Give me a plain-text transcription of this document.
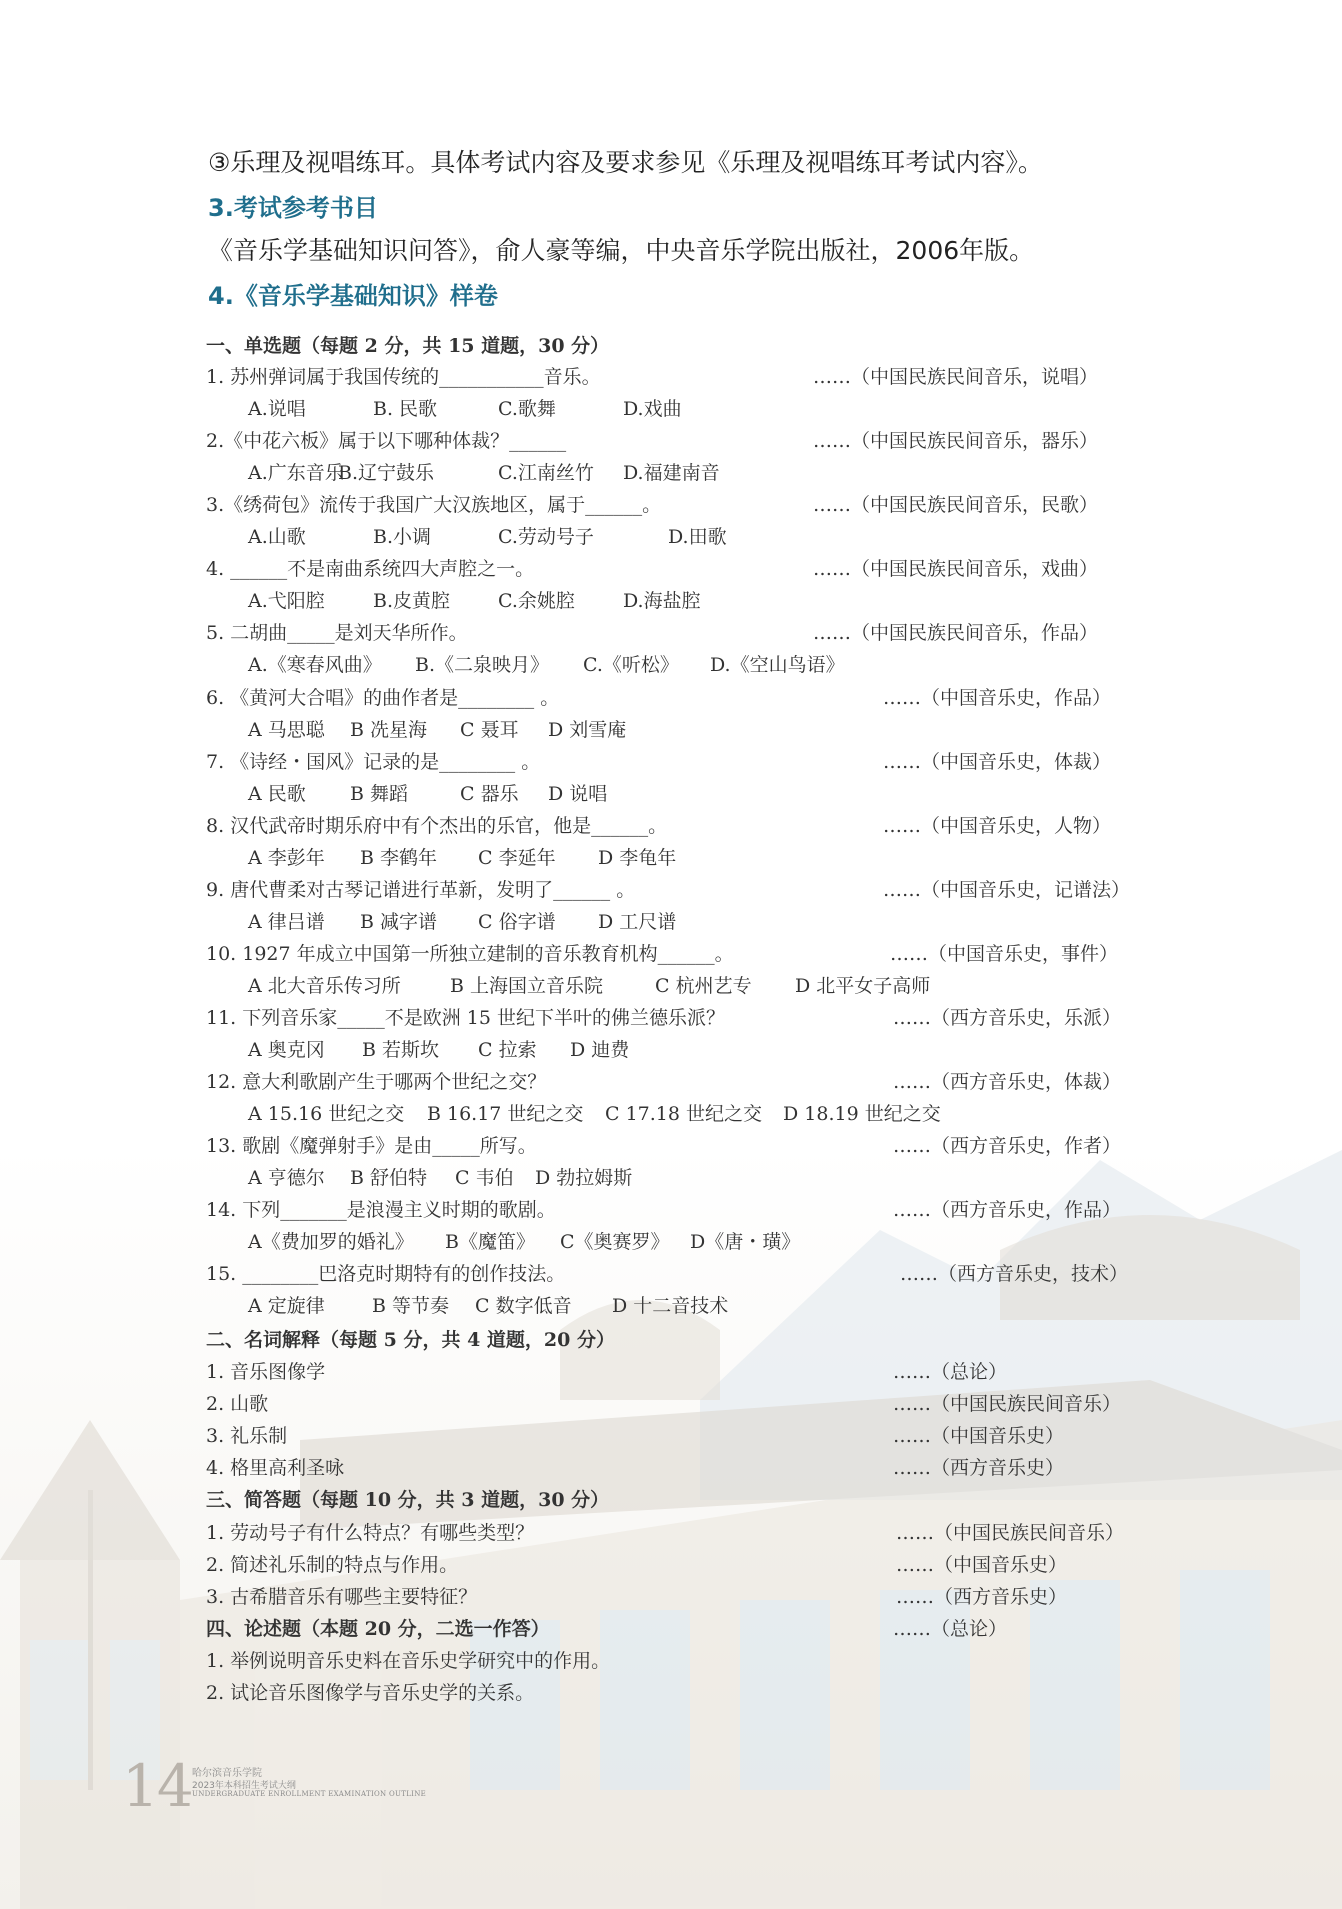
③乐理及视唱练耳。具体考试内容及要求参见《乐理及视唱练耳考试内容》。
3.考试参考书目
《音乐学基础知识问答》，俞人豪等编，中央音乐学院出版社，2006年版。
4.《音乐学基础知识》样卷
一、单选题（每题 2 分，共 15 道题，30 分）
1. 苏州弹词属于我国传统的___________音乐。	……（中国民族民间音乐，说唱）
A.说唱	B. 民歌	C.歌舞	D.戏曲
2.《中花六板》属于以下哪种体裁？______	……（中国民族民间音乐，器乐）
A.广东音乐
B.辽宁鼓乐	C.江南丝竹 D.福建南音
3.《绣荷包》流传于我国广大汉族地区，属于______。	……（中国民族民间音乐，民歌）
A.山歌	B.小调	C.劳动号子	D.田歌
4. ______不是南曲系统四大声腔之一。	……（中国民族民间音乐，戏曲）
A.弋阳腔	B.皮黄腔	C.余姚腔	D.海盐腔
5. 二胡曲_____是刘天华所作。	……（中国民族民间音乐，作品）
A.《寒春风曲》 B.《二泉映月》 C.《听松》 D.《空山鸟语》
6. 《黄河大合唱》的曲作者是________ 。	……（中国音乐史，作品）
A 马思聪 B 冼星海 C 聂耳 D 刘雪庵
7. 《诗经・国风》记录的是________ 。	……（中国音乐史，体裁）
A 民歌 B 舞蹈	C 器乐 D 说唱
8. 汉代武帝时期乐府中有个杰出的乐官，他是______。	……（中国音乐史，人物）
A 李彭年 B 李鹤年 C 李延年 D 李龟年
9. 唐代曹柔对古琴记谱进行革新，发明了______ 。	……（中国音乐史，记谱法）
A 律吕谱 B 减字谱 C 俗字谱 D 工尺谱
10. 1927 年成立中国第一所独立建制的音乐教育机构______。	……（中国音乐史，事件）
A 北大音乐传习所	B 上海国立音乐院	C 杭州艺专 D 北平女子高师
11. 下列音乐家_____不是欧洲 15 世纪下半叶的佛兰德乐派？	……（西方音乐史，乐派）
A 奥克冈 B 若斯坎 C 拉索 D 迪费
12. 意大利歌剧产生于哪两个世纪之交？	……（西方音乐史，体裁）
A 15.16 世纪之交 B 16.17 世纪之交 C 17.18 世纪之交 D 18.19 世纪之交
13. 歌剧《魔弹射手》是由_____所写。	……（西方音乐史，作者）
A 亨德尔 B 舒伯特 C 韦伯 D 勃拉姆斯
14. 下列_______是浪漫主义时期的歌剧。	……（西方音乐史，作品）
A《费加罗的婚礼》 B《魔笛》 C《奥赛罗》 D《唐・璜》
15. ________巴洛克时期特有的创作技法。	……（西方音乐史，技术）
A 定旋律 B 等节奏 C 数字低音 D 十二音技术
二、名词解释（每题 5 分，共 4 道题，20 分）
1. 音乐图像学	……（总论）
2. 山歌	……（中国民族民间音乐）
3. 礼乐制	……（中国音乐史）
4. 格里高利圣咏	……（西方音乐史）
三、简答题（每题 10 分，共 3 道题，30 分）
1. 劳动号子有什么特点？有哪些类型？	……（中国民族民间音乐）
2. 简述礼乐制的特点与作用。	……（中国音乐史）
3. 古希腊音乐有哪些主要特征？	……（西方音乐史）
四、论述题（本题 20 分，二选一作答）	……（总论）
1. 举例说明音乐史料在音乐史学研究中的作用。
2. 试论音乐图像学与音乐史学的关系。
14 哈尔滨音乐学院
2023年本科招生考试大纲
UNDERGRADUATE ENROLLMENT EXAMINATION OUTLINE
